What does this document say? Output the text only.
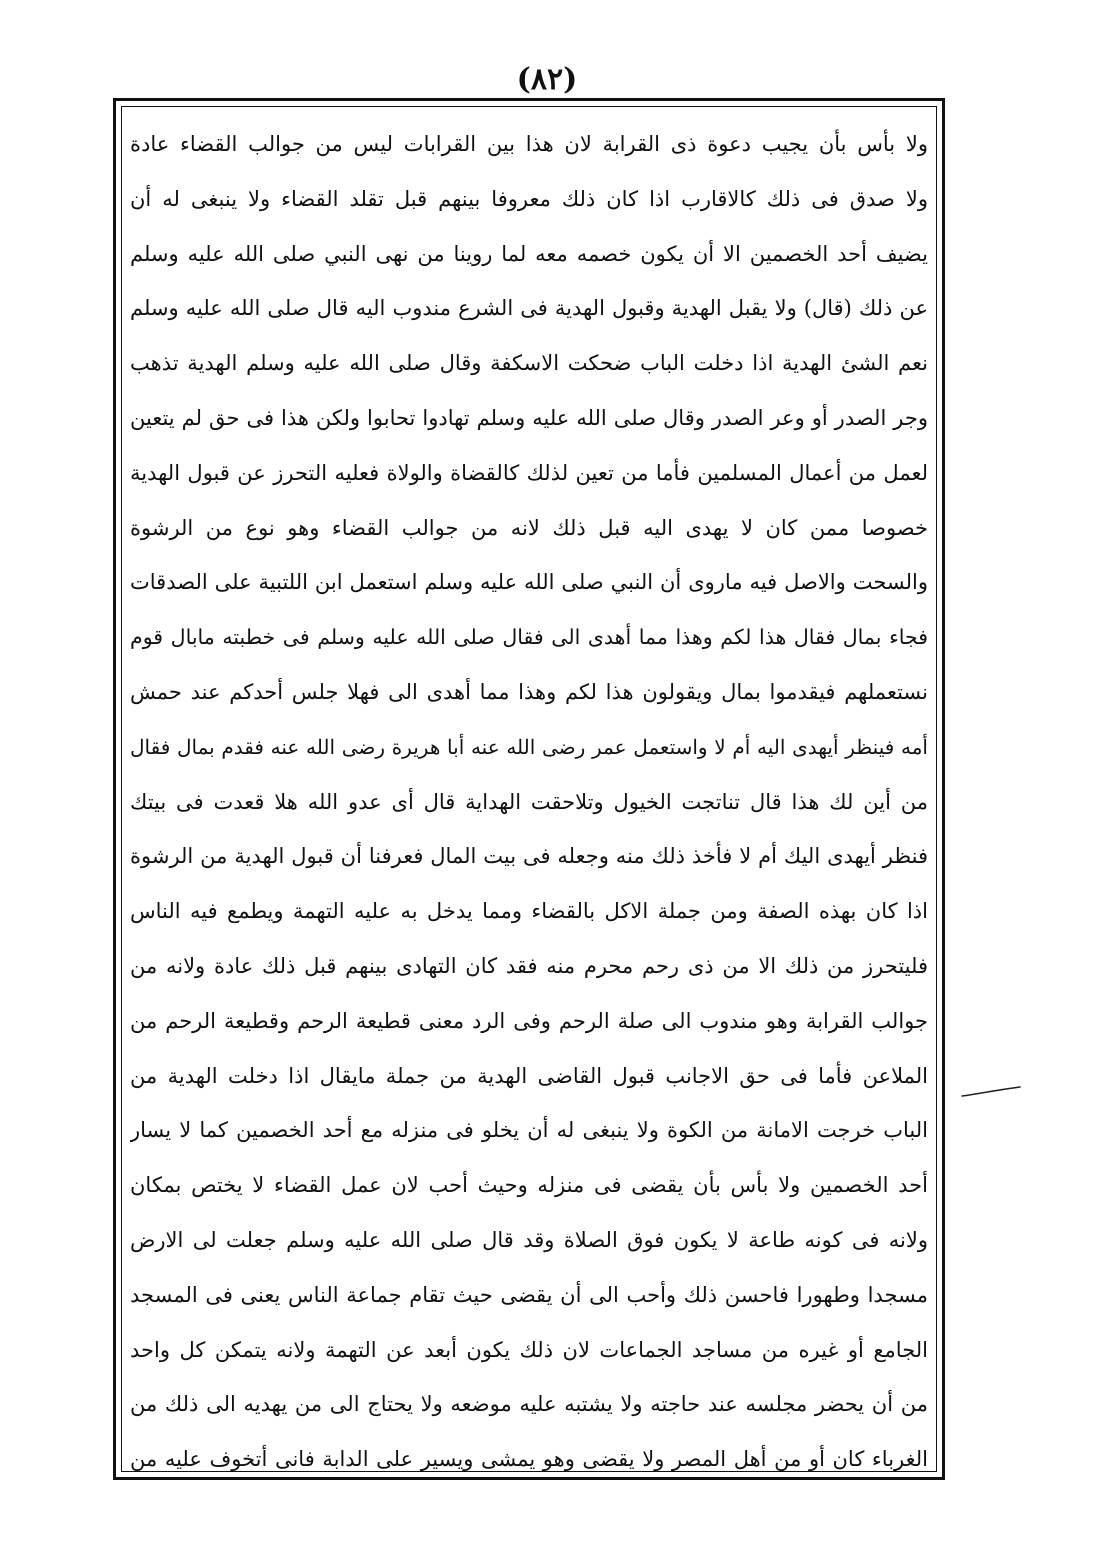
(٨٢)
ولا بأس بأن يجيب دعوة ذى القرابة لان هذا بين القرابات ليس من جوالب القضاء عادة
ولا صدق فى ذلك كالاقارب اذا كان ذلك معروفا بينهم قبل تقلد القضاء ولا ينبغى له أن
يضيف أحد الخصمين الا أن يكون خصمه معه لما روينا من نهى النبي صلى الله عليه وسلم
عن ذلك (قال) ولا يقبل الهدية وقبول الهدية فى الشرع مندوب اليه قال صلى الله عليه وسلم
نعم الشئ الهدية اذا دخلت الباب ضحكت الاسكفة وقال صلى الله عليه وسلم الهدية تذهب
وجر الصدر أو وعر الصدر وقال صلى الله عليه وسلم تهادوا تحابوا ولكن هذا فى حق لم يتعين
لعمل من أعمال المسلمين فأما من تعين لذلك كالقضاة والولاة فعليه التحرز عن قبول الهدية
خصوصا ممن كان لا يهدى اليه قبل ذلك لانه من جوالب القضاء وهو نوع من الرشوة
والسحت والاصل فيه ماروى أن النبي صلى الله عليه وسلم استعمل ابن اللتبية على الصدقات
فجاء بمال فقال هذا لكم وهذا مما أهدى الى فقال صلى الله عليه وسلم فى خطبته مابال قوم
نستعملهم فيقدموا بمال ويقولون هذا لكم وهذا مما أهدى الى فهلا جلس أحدكم عند حمش
أمه فينظر أيهدى اليه أم لا واستعمل عمر رضى الله عنه أبا هريرة رضى الله عنه فقدم بمال فقال
من أين لك هذا قال تناتجت الخيول وتلاحقت الهداية قال أى عدو الله هلا قعدت فى بيتك
فنظر أيهدى اليك أم لا فأخذ ذلك منه وجعله فى بيت المال فعرفنا أن قبول الهدية من الرشوة
اذا كان بهذه الصفة ومن جملة الاكل بالقضاء ومما يدخل به عليه التهمة ويطمع فيه الناس
فليتحرز من ذلك الا من ذى رحم محرم منه فقد كان التهادى بينهم قبل ذلك عادة ولانه من
جوالب القرابة وهو مندوب الى صلة الرحم وفى الرد معنى قطيعة الرحم وقطيعة الرحم من
الملاعن فأما فى حق الاجانب قبول القاضى الهدية من جملة مايقال اذا دخلت الهدية من
الباب خرجت الامانة من الكوة ولا ينبغى له أن يخلو فى منزله مع أحد الخصمين كما لا يسار
أحد الخصمين ولا بأس بأن يقضى فى منزله وحيث أحب لان عمل القضاء لا يختص بمكان
ولانه فى كونه طاعة لا يكون فوق الصلاة وقد قال صلى الله عليه وسلم جعلت لى الارض
مسجدا وطهورا فاحسن ذلك وأحب الى أن يقضى حيث تقام جماعة الناس يعنى فى المسجد
الجامع أو غيره من مساجد الجماعات لان ذلك يكون أبعد عن التهمة ولانه يتمكن كل واحد
من أن يحضر مجلسه عند حاجته ولا يشتبه عليه موضعه ولا يحتاج الى من يهديه الى ذلك من
الغرباء كان أو من أهل المصر ولا يقضى وهو يمشى ويسير على الدابة فانى أتخوف عليه من
